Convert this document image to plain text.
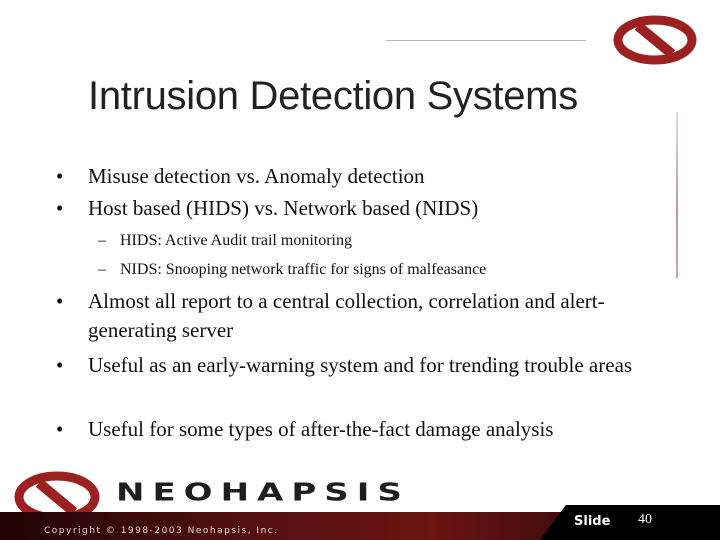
Intrusion Detection Systems
•	Misuse detection vs. Anomaly detection
•	Host based (HIDS) vs. Network based (NIDS)
– HIDS: Active Audit trail monitoring
– NIDS: Snooping network traffic for signs of malfeasance
•	Almost all report to a central collection, correlation and alert-generating server
•	Useful as an early-warning system and for trending trouble areas
•	Useful for some types of after-the-fact damage analysis
NEOHAPSIS
Copyright © 1998-2003 Neohapsis, Inc.
Slide 40
